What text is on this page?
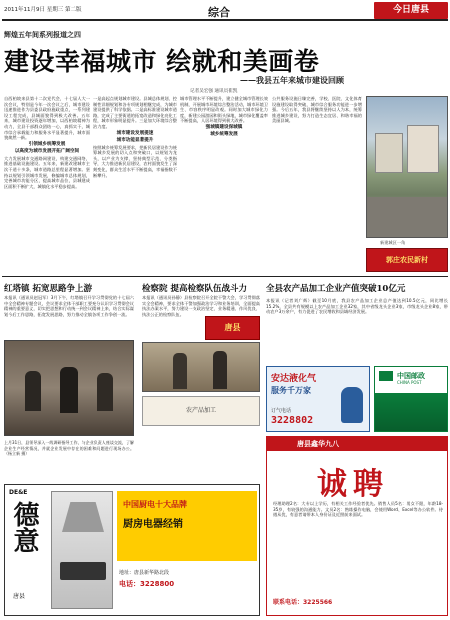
2011年11月9日 星期三 第二版	综合	今日唐县
辉煌五年间系列报道之四
建设幸福城市 绘就和美画卷
——我县五年来城市建设回顾
记者吴宏强 通讯员崔凯

自西柏坡来县第十二次党代会，十七届人大一次会议，特别是今年一次会议之后，城市建设迅速推进作为县委县政府施政重点，一系列建设工程完成，县城面貌得到极大改善。五年来，城市建设投资逐年增加，以西柏坡精神为动力，全县干部群众团结一心，真抓实干，城市综合承载能力和服务水平显著提升，城市面貌焕然一新。

引领城乡统筹发展

以高度为城市发展开拓广阔空间

大力发展城市交通路网建设，构建交通网络，推进基础设施建设。五年来，新建改建城市主次干道十多条，城市道路总里程显著增加。坚持以规划引领城市发展，修编城市总体规划，完善城市功能分区，提高城市品位，县城建成区面积不断扩大，城镇化水平稳步提高。

一是高起点规划城市建设。县城总体规划、控制性详细规划和各专项规划相继完成，为城市建设提供了科学依据。二是高标准建设城市道路，完成了主要街道的拓宽改造和绿化亮化工程，城市形象明显提升。三是加大环境综合整治力度。

城市建设发展提速

城市功能显著提升

按照城乡统筹发展要求，把新民居建设作为统筹城乡发展的切入点和突破口，以规划为龙头，以产业为支撑，坚持典型示范、分类指导，大力推进新民居建设，农村面貌发生了深刻变化，群众生活水平不断提高，幸福指数不断攀升。

城市管理水平不断提升，建立健全城市管理长效机制，开展城市环境综合整治活动，城市环境卫生、市容秩序明显改观。同时加大城市绿化力度，新建公园游园和街头绿地，城市绿化覆盖率不断提高，人居环境得到极大改善。

强城镇建设保城镇

城乡统筹发展

公共服务设施日臻完善，学校、医院、文化体育设施建设取得突破，城市综合服务功能进一步增强。今后五年，我县将继续坚持以人为本，统筹推进城乡建设，努力打造生态宜居、和谐幸福的美丽县城。

新建城区一角
郭庄农民新村
红塔镇 拓宽思路争上游
本报讯（通讯员赵冠军）3月下午，红塔镇召开学习贯彻党的十七届六中全会精神专题会议，会议要求全体干部职工要充分认识学习贯彻会议精神的重要意义，切实把思想和行动统一到会议精神上来，结合实际谋划今后工作思路，拓宽发展思路，努力推动全镇各项工作争创一流。
检察院 提高检察队伍战斗力
本报讯（通讯员孙静）县检察院召开全院干警大会，学习贯彻落实全会精神，要求全体干警加强政治学习和业务培训，全面提高执法办案水平，努力建设一支政治坚定、业务精通、作风优良、执法公正的检察队伍。
唐县
全县农产品加工企业产值突破10亿元
本报讯（记者刘广辉）截至10月底，我县农产品加工企业总产值达到10.5亿元，同比增长15.2%，全县共有规模以上农产品加工企业32家，其中省级龙头企业3家，市级龙头企业8家，带动农户3万余户，有力促进了农民增收和县域经济发展。
安达液化气
服务千万家
订气电话
3228802
中国邮政
CHINA POST
上月31日，县领导深入一线调研指导工作，与企业负责人座谈交流，了解企业生产经营情况，并就企业发展中存在的困难和问题进行现场办公。（杨立新 摄）
农产品加工
DE&E
德意
唐县
中国厨电十大品牌
厨房电器经销
地址：唐县新华路北段
电话：3228800
唐县鑫华九八
诚聘
经理助理2名：大专以上学历，有相关工作经验者优先。销售人员5名：男女不限，年龄18-35岁，有较强的沟通能力。文员2名：熟练操作电脑，会使用Word、Excel等办公软件。待遇从优，有意者请带本人身份证及近照前来面试。
联系电话：3225566
